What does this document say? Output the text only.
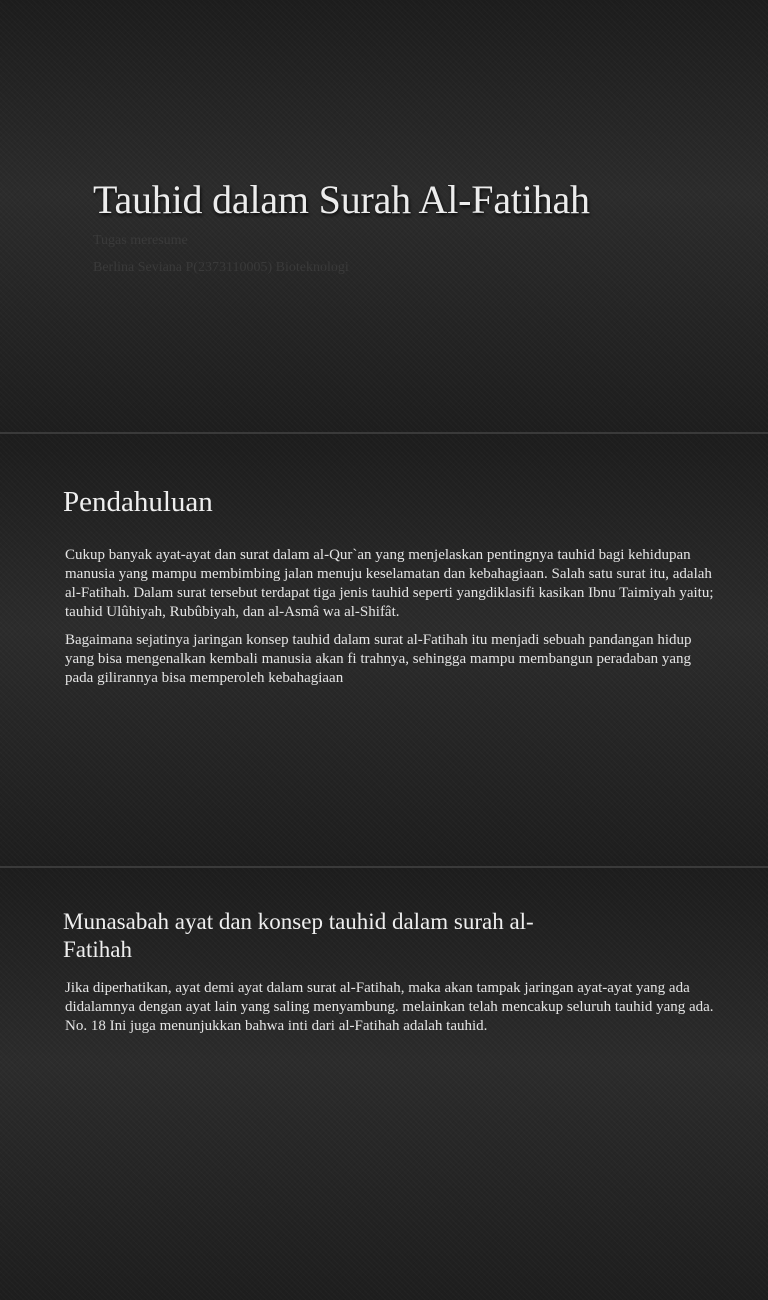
Tauhid dalam Surah Al-Fatihah

Tugas meresume

Berlina Seviana P(2373110005) Bioteknologi

Pendahuluan

Cukup banyak ayat-ayat dan surat dalam al-Qur`an yang menjelaskan pentingnya tauhid bagi kehidupan manusia yang mampu membimbing jalan menuju keselamatan dan kebahagiaan. Salah satu surat itu, adalah al-Fatihah. Dalam surat tersebut terdapat tiga jenis tauhid seperti yangdiklasifi kasikan Ibnu Taimiyah yaitu; tauhid Ulûhiyah, Rubûbiyah, dan al-Asmâ wa al-Shifât.

Bagaimana sejatinya jaringan konsep tauhid dalam surat al-Fatihah itu menjadi sebuah pandangan hidup yang bisa mengenalkan kembali manusia akan fi trahnya, sehingga mampu membangun peradaban yang pada gilirannya bisa memperoleh kebahagiaan

Munasabah ayat dan konsep tauhid dalam surah al-Fatihah

Jika diperhatikan, ayat demi ayat dalam surat al-Fatihah, maka akan tampak jaringan ayat-ayat yang ada didalamnya dengan ayat lain yang saling menyambung. melainkan telah mencakup seluruh tauhid yang ada. No. 18 Ini juga menunjukkan bahwa inti dari al-Fatihah adalah tauhid.
